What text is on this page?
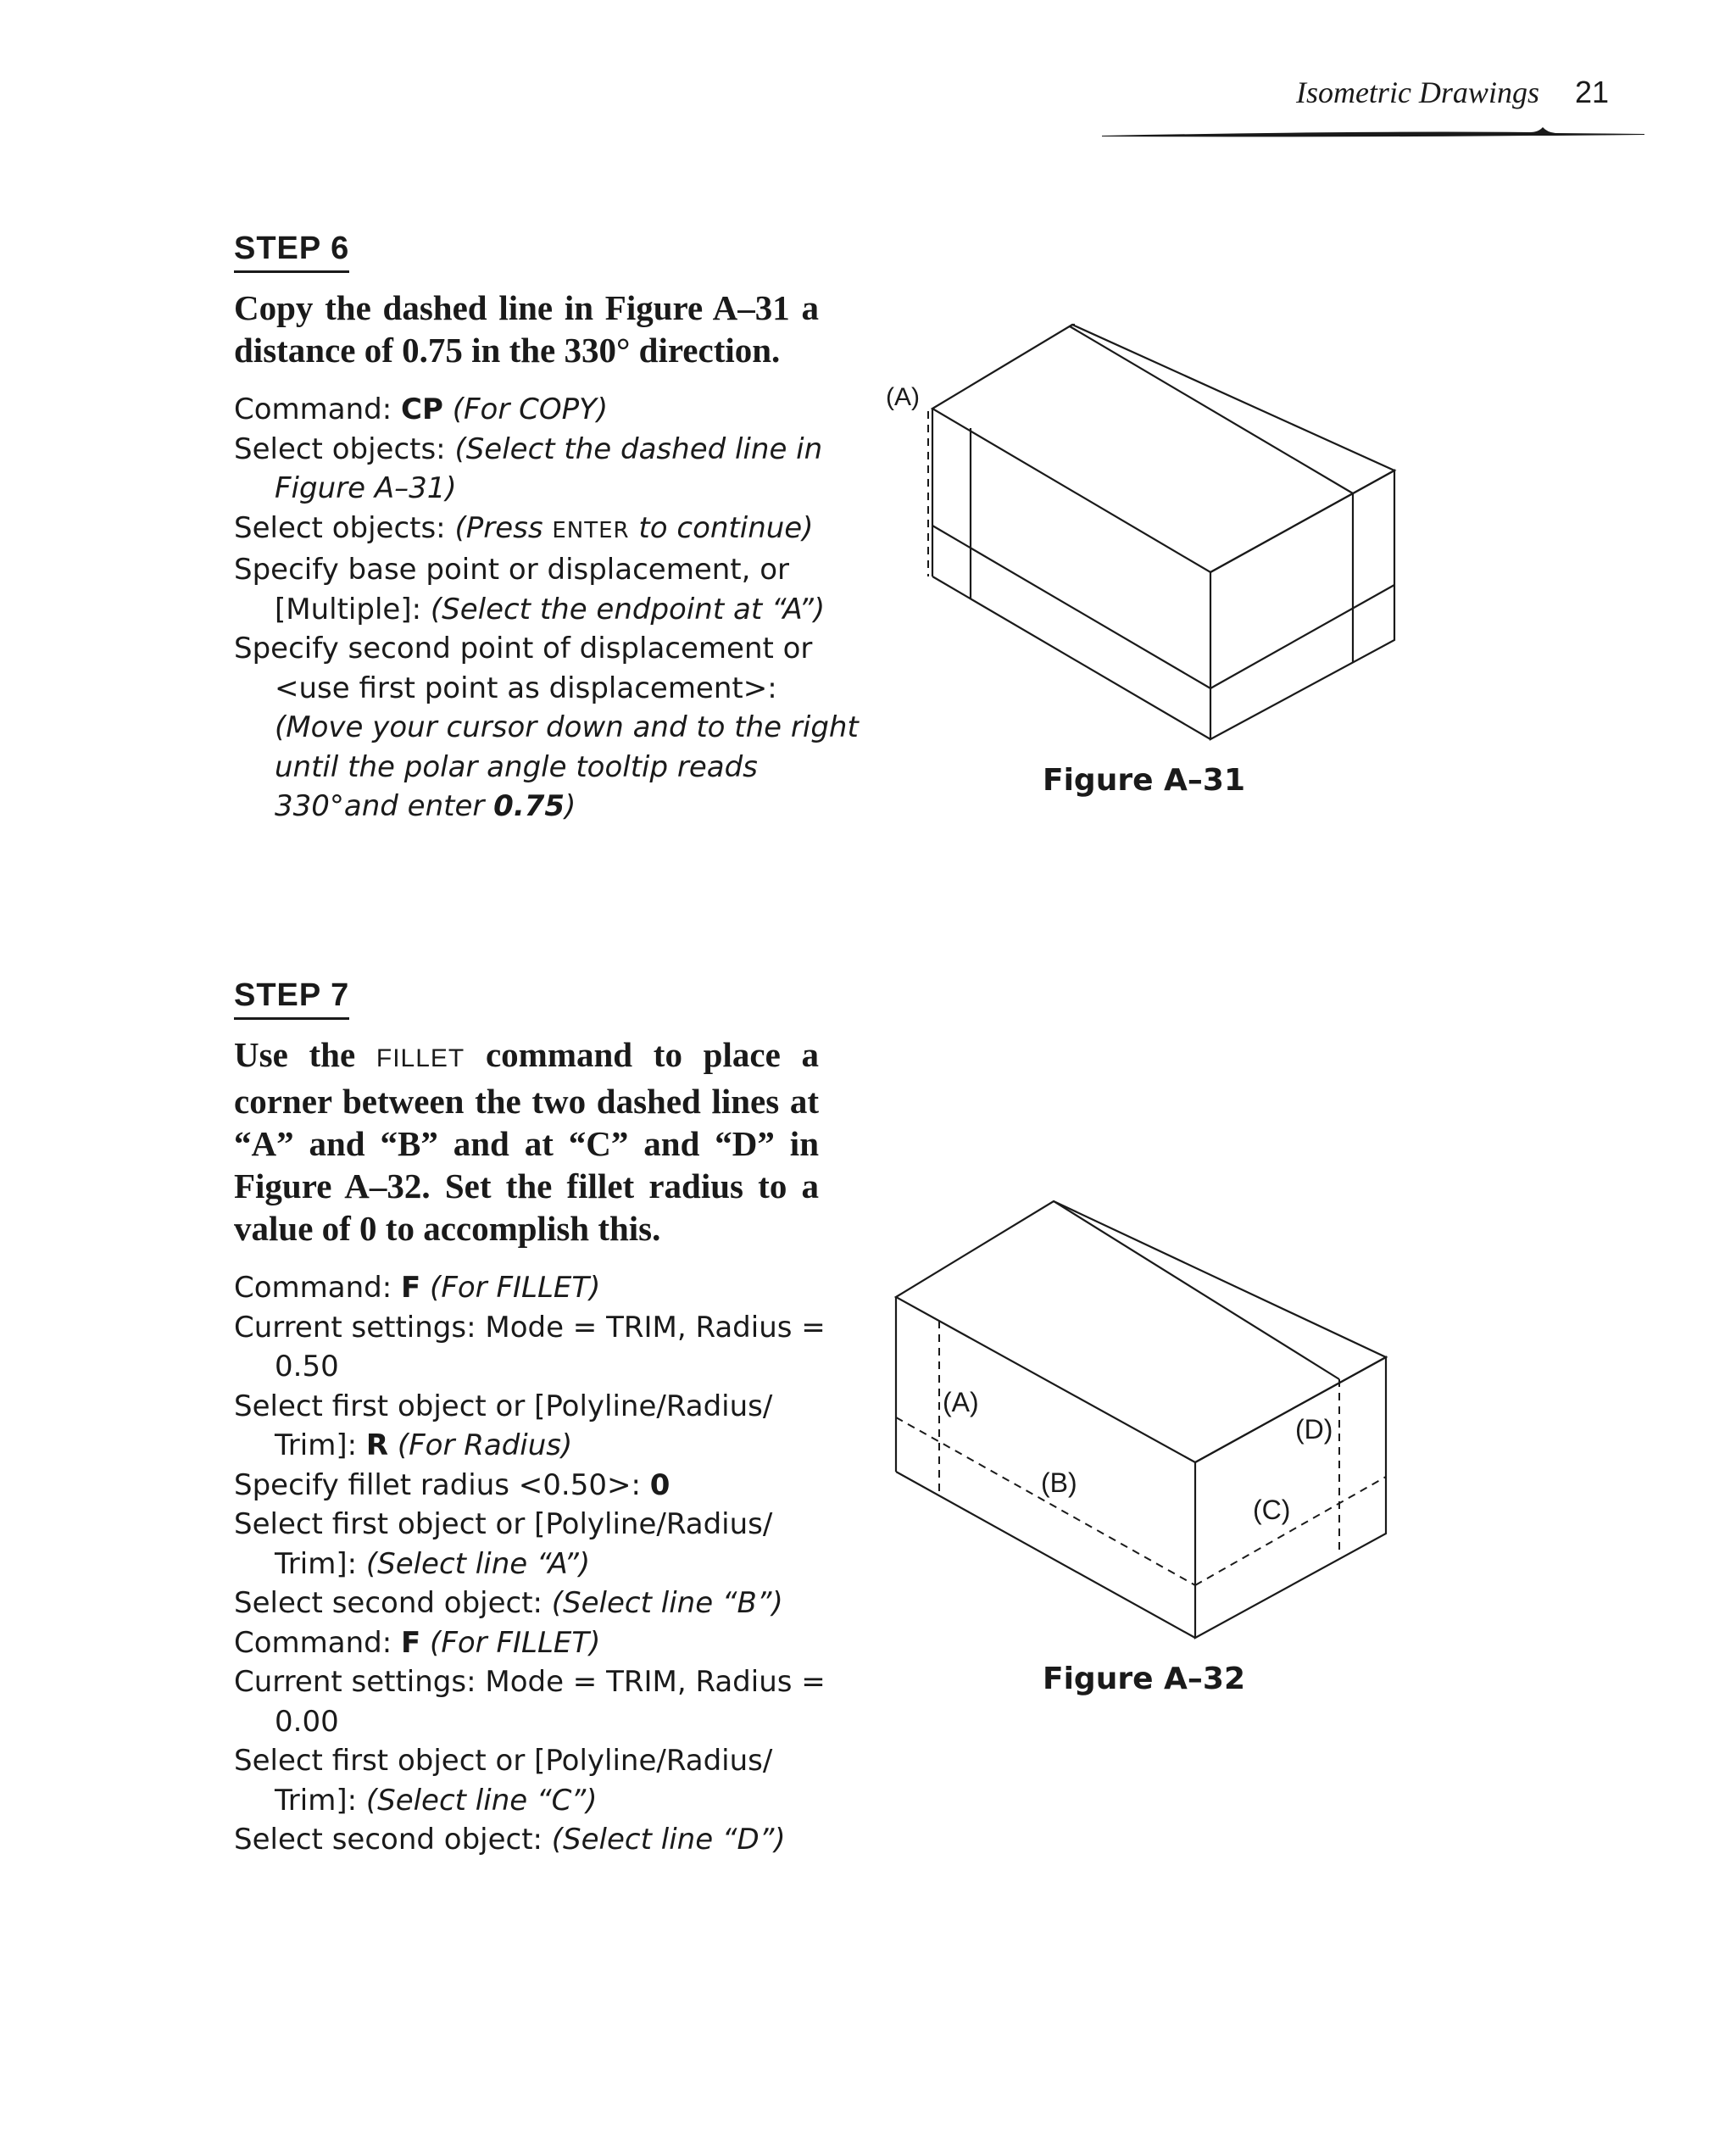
Isometric Drawings 21
STEP 6
Copy the dashed line in Figure A–31 a distance of 0.75 in the 330° direction.
Command: CP (For COPY)
Select objects: (Select the dashed line in
Figure A–31)
Select objects: (Press ENTER to continue)
Specify base point or displacement, or
[Multiple]: (Select the endpoint at “A”)
Specify second point of displacement or
<use first point as displacement>:
(Move your cursor down and to the right
until the polar angle tooltip reads
330°and enter 0.75)
(A)
Figure A–31
STEP 7
Use the FILLET command to place a corner between the two dashed lines at “A” and “B” and at “C” and “D” in Figure A–32. Set the fillet radius to a value of 0 to accomplish this.
Command: F (For FILLET)
Current settings: Mode = TRIM, Radius =
0.50
Select first object or [Polyline/Radius/
Trim]: R (For Radius)
Specify fillet radius <0.50>: 0
Select first object or [Polyline/Radius/
Trim]: (Select line “A”)
Select second object: (Select line “B”)
Command: F (For FILLET)
Current settings: Mode = TRIM, Radius =
0.00
Select first object or [Polyline/Radius/
Trim]: (Select line “C”)
Select second object: (Select line “D”)
(A)
(B)
(C)
(D)
Figure A–32
